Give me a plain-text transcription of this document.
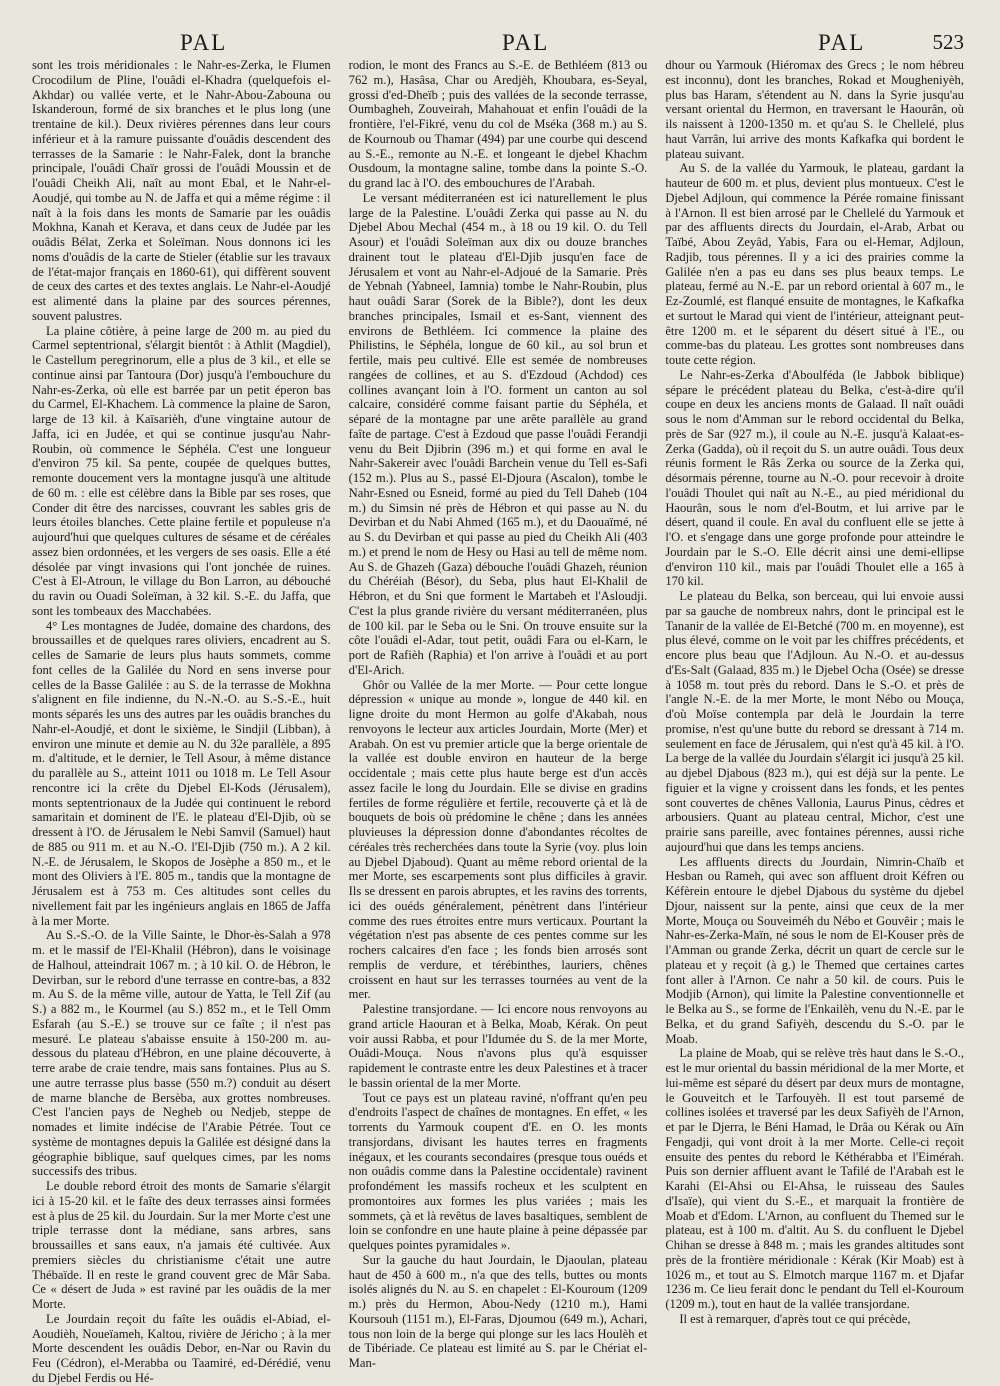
PAL	PAL	PAL	523

sont les trois méridionales : le Nahr-es-Zerka, le Flumen Crocodilum de Pline, l'ouâdi el-Khadra (quelquefois el-Akhdar) ou vallée verte, et le Nahr-Abou-Zabouna ou Iskanderoun, formé de six branches et le plus long (une trentaine de kil.). Deux rivières pérennes dans leur cours inférieur et à la ramure puissante d'ouâdis descendent des terrasses de la Samarie : le Nahr-Falek, dont la branche principale, l'ouâdi Chaïr grossi de l'ouâdi Moussin et de l'ouâdi Cheikh Ali, naît au mont Ebal, et le Nahr-el-Aoudjé, qui tombe au N. de Jaffa et qui a même régime : il naît à la fois dans les monts de Samarie par les ouâdis Mokhna, Kanah et Kerava, et dans ceux de Judée par les ouâdis Bélat, Zerka et Soleïman. Nous donnons ici les noms d'ouâdis de la carte de Stieler (établie sur les travaux de l'état-major français en 1860-61), qui diffèrent souvent de ceux des cartes et des textes anglais. Le Nahr-el-Aoudjé est alimenté dans la plaine par des sources pérennes, souvent palustres.

La plaine côtière, à peine large de 200 m. au pied du Carmel septentrional, s'élargit bientôt : à Athlit (Magdiel), le Castellum peregrinorum, elle a plus de 3 kil., et elle se continue ainsi par Tantoura (Dor) jusqu'à l'embouchure du Nahr-es-Zerka, où elle est barrée par un petit éperon bas du Carmel, El-Khachem. Là commence la plaine de Saron, large de 13 kil. à Kaïsarièh, d'une vingtaine autour de Jaffa, ici en Judée, et qui se continue jusqu'au Nahr-Roubin, où commence le Séphéla. C'est une longueur d'environ 75 kil. Sa pente, coupée de quelques buttes, remonte doucement vers la montagne jusqu'à une altitude de 60 m. : elle est célèbre dans la Bible par ses roses, que Conder dit être des narcisses, couvrant les sables gris de leurs étoiles blanches. Cette plaine fertile et populeuse n'a aujourd'hui que quelques cultures de sésame et de céréales assez bien ordonnées, et les vergers de ses oasis. Elle a été désolée par vingt invasions qui l'ont jonchée de ruines. C'est à El-Atroun, le village du Bon Larron, au débouché du ravin ou Ouadi Soleïman, à 32 kil. S.-E. du Jaffa, que sont les tombeaux des Macchabées.

4° Les montagnes de Judée, domaine des chardons, des broussailles et de quelques rares oliviers, encadrent au S. celles de Samarie de leurs plus hauts sommets, comme font celles de la Galilée du Nord en sens inverse pour celles de la Basse Galilée : au S. de la terrasse de Mokhna s'alignent en file indienne, du N.-N.-O. au S.-S.-E., huit monts séparés les uns des autres par les ouâdis branches du Nahr-el-Aoudjé, et dont le sixième, le Sindjil (Libban), à environ une minute et demie au N. du 32e parallèle, a 895 m. d'altitude, et le dernier, le Tell Asour, à même distance du parallèle au S., atteint 1011 ou 1018 m. Le Tell Asour rencontre ici la crête du Djebel El-Kods (Jérusalem), monts septentrionaux de la Judée qui continuent le rebord samaritain et dominent de l'E. le plateau d'El-Djib, où se dressent à l'O. de Jérusalem le Nebi Samvil (Samuel) haut de 885 ou 911 m. et au N.-O. l'El-Djib (750 m.). A 2 kil. N.-E. de Jérusalem, le Skopos de Josèphe a 850 m., et le mont des Oliviers à l'E. 805 m., tandis que la montagne de Jérusalem est à 753 m. Ces altitudes sont celles du nivellement fait par les ingénieurs anglais en 1865 de Jaffa à la mer Morte.

Au S.-S.-O. de la Ville Sainte, le Dhor-ès-Salah a 978 m. et le massif de l'El-Khalil (Hébron), dans le voisinage de Halhoul, atteindrait 1067 m. ; à 10 kil. O. de Hébron, le Devirban, sur le rebord d'une terrasse en contre-bas, a 832 m. Au S. de la même ville, autour de Yatta, le Tell Zif (au S.) a 882 m., le Kourmel (au S.) 852 m., et le Tell Omm Esfarah (au S.-E.) se trouve sur ce faîte ; il n'est pas mesuré. Le plateau s'abaisse ensuite à 150-200 m. au-dessous du plateau d'Hébron, en une plaine découverte, à terre arabe de craie tendre, mais sans fontaines. Plus au S. une autre terrasse plus basse (550 m.?) conduit au désert de marne blanche de Bersèba, aux grottes nombreuses. C'est l'ancien pays de Negheb ou Nedjeb, steppe de nomades et limite indécise de l'Arabie Pétrée. Tout ce système de montagnes depuis la Galilée est désigné dans la géographie biblique, sauf quelques cimes, par les noms successifs des tribus.

Le double rebord étroit des monts de Samarie s'élargit ici à 15-20 kil. et le faîte des deux terrasses ainsi formées est à plus de 25 kil. du Jourdain. Sur la mer Morte c'est une triple terrasse dont la médiane, sans arbres, sans broussailles et sans eaux, n'a jamais été cultivée. Aux premiers siècles du christianisme c'était une autre Thébaïde. Il en reste le grand couvent grec de Mâr Saba. Ce « désert de Juda » est raviné par les ouâdis de la mer Morte.

Le Jourdain reçoit du faîte les ouâdis el-Abiad, el-Aoudièh, Noueïameh, Kaltou, rivière de Jéricho ; à la mer Morte descendent les ouâdis Debor, en-Nar ou Ravin du Feu (Cédron), el-Merabba ou Taamiré, ed-Dérédié, venu du Djebel Ferdis ou Hé-

rodion, le mont des Francs au S.-E. de Bethléem (813 ou 762 m.), Hasâsa, Char ou Aredjèh, Khoubara, es-Seyal, grossi d'ed-Dheïb ; puis des vallées de la seconde terrasse, Oumbagheh, Zouveirah, Mahahouat et enfin l'ouâdi de la frontière, l'el-Fikré, venu du col de Mséka (368 m.) au S. de Kournoub ou Thamar (494) par une courbe qui descend au S.-E., remonte au N.-E. et longeant le djebel Khachm Ousdoum, la montagne saline, tombe dans la pointe S.-O. du grand lac à l'O. des embouchures de l'Arabah.

Le versant méditerranéen est ici naturellement le plus large de la Palestine. L'ouâdi Zerka qui passe au N. du Djebel Abou Mechal (454 m., à 18 ou 19 kil. O. du Tell Asour) et l'ouâdi Soleïman aux dix ou douze branches drainent tout le plateau d'El-Djib jusqu'en face de Jérusalem et vont au Nahr-el-Adjoué de la Samarie. Près de Yebnah (Yabneel, Iamnia) tombe le Nahr-Roubin, plus haut ouâdi Sarar (Sorek de la Bible?), dont les deux branches principales, Ismail et es-Sant, viennent des environs de Bethléem. Ici commence la plaine des Philistins, le Séphéla, longue de 60 kil., au sol brun et fertile, mais peu cultivé. Elle est semée de nombreuses rangées de collines, et au S. d'Ezdoud (Achdod) ces collines avançant loin à l'O. forment un canton au sol calcaire, considéré comme faisant partie du Séphéla, et séparé de la montagne par une arête parallèle au grand faîte de partage. C'est à Ezdoud que passe l'ouâdi Ferandji venu du Beit Djibrin (396 m.) et qui forme en aval le Nahr-Sakereir avec l'ouâdi Barchein venue du Tell es-Safi (152 m.). Plus au S., passé El-Djoura (Ascalon), tombe le Nahr-Esned ou Esneid, formé au pied du Tell Daheb (104 m.) du Simsin né près de Hébron et qui passe au N. du Devirban et du Nabi Ahmed (165 m.), et du Daouaïmé, né au S. du Devirban et qui passe au pied du Cheikh Ali (403 m.) et prend le nom de Hesy ou Hasi au tell de même nom. Au S. de Ghazeh (Gaza) débouche l'ouâdi Ghazeh, réunion du Chéréiah (Bésor), du Seba, plus haut El-Khalil de Hébron, et du Sni que forment le Martabeh et l'Asloudji. C'est la plus grande rivière du versant méditerranéen, plus de 100 kil. par le Seba ou le Sni. On trouve ensuite sur la côte l'ouâdi el-Adar, tout petit, ouâdi Fara ou el-Karn, le port de Rafièh (Raphia) et l'on arrive à l'ouâdi et au port d'El-Arich.

Ghôr ou Vallée de la mer Morte. — Pour cette longue dépression « unique au monde », longue de 440 kil. en ligne droite du mont Hermon au golfe d'Akabah, nous renvoyons le lecteur aux articles Jourdain, Morte (Mer) et Arabah. On est vu premier article que la berge orientale de la vallée est double environ en hauteur de la berge occidentale ; mais cette plus haute berge est d'un accès assez facile le long du Jourdain. Elle se divise en gradins fertiles de forme régulière et fertile, recouverte çà et là de bouquets de bois où prédomine le chêne ; dans les années pluvieuses la dépression donne d'abondantes récoltes de céréales très recherchées dans toute la Syrie (voy. plus loin au Djebel Djaboud). Quant au même rebord oriental de la mer Morte, ses escarpements sont plus difficiles à gravir. Ils se dressent en parois abruptes, et les ravins des torrents, ici des ouéds généralement, pénètrent dans l'intérieur comme des rues étroites entre murs verticaux. Pourtant la végétation n'est pas absente de ces pentes comme sur les rochers calcaires d'en face ; les fonds bien arrosés sont remplis de verdure, et térébinthes, lauriers, chênes croissent en haut sur les terrasses tournées au vent de la mer.

Palestine transjordane. — Ici encore nous renvoyons au grand article Haouran et à Belka, Moab, Kérak. On peut voir aussi Rabba, et pour l'Idumée du S. de la mer Morte, Ouâdi-Mouça. Nous n'avons plus qu'à esquisser rapidement le contraste entre les deux Palestines et à tracer le bassin oriental de la mer Morte.

Tout ce pays est un plateau raviné, n'offrant qu'en peu d'endroits l'aspect de chaînes de montagnes. En effet, « les torrents du Yarmouk coupent d'E. en O. les monts transjordans, divisant les hautes terres en fragments inégaux, et les courants secondaires (presque tous ouéds et non ouâdis comme dans la Palestine occidentale) ravinent profondément les massifs rocheux et les sculptent en promontoires aux formes les plus variées ; mais les sommets, çà et là revêtus de laves basaltiques, semblent de loin se confondre en une haute plaine à peine dépassée par quelques pointes pyramidales ».

Sur la gauche du haut Jourdain, le Djaoulan, plateau haut de 450 à 600 m., n'a que des tells, buttes ou monts isolés alignés du N. au S. en chapelet : El-Kouroum (1209 m.) près du Hermon, Abou-Nedy (1210 m.), Hami Koursouh (1151 m.), El-Faras, Djoumou (649 m.), Achari, tous non loin de la berge qui plonge sur les lacs Houlèh et de Tibériade. Ce plateau est limité au S. par le Chériat el-Man-

dhour ou Yarmouk (Hiéromax des Grecs ; le nom hébreu est inconnu), dont les branches, Rokad et Mougheniyèh, plus bas Haram, s'étendent au N. dans la Syrie jusqu'au versant oriental du Hermon, en traversant le Haourân, où ils naissent à 1200-1350 m. et qu'au S. le Chellelé, plus haut Varrân, lui arrive des monts Kafkafka qui bordent le plateau suivant.

Au S. de la vallée du Yarmouk, le plateau, gardant la hauteur de 600 m. et plus, devient plus montueux. C'est le Djebel Adjloun, qui commence la Pérée romaine finissant à l'Arnon. Il est bien arrosé par le Chellelé du Yarmouk et par des affluents directs du Jourdain, el-Arab, Arbat ou Taïbé, Abou Zeyâd, Yabis, Fara ou el-Hemar, Adjloun, Radjib, tous pérennes. Il y a ici des prairies comme la Galilée n'en a pas eu dans ses plus beaux temps. Le plateau, fermé au N.-E. par un rebord oriental à 607 m., le Ez-Zoumlé, est flanqué ensuite de montagnes, le Kafkafka et surtout le Marad qui vient de l'intérieur, atteignant peut-être 1200 m. et le séparent du désert situé à l'E., ou comme-bas du plateau. Les grottes sont nombreuses dans toute cette région.

Le Nahr-es-Zerka d'Aboulféda (le Jabbok biblique) sépare le précédent plateau du Belka, c'est-à-dire qu'il coupe en deux les anciens monts de Galaad. Il naît ouâdi sous le nom d'Amman sur le rebord occidental du Belka, près de Sar (927 m.), il coule au N.-E. jusqu'à Kalaat-es-Zerka (Gadda), où il reçoit du S. un autre ouâdi. Tous deux réunis forment le Râs Zerka ou source de la Zerka qui, désormais pérenne, tourne au N.-O. pour recevoir à droite l'ouâdi Thoulet qui naît au N.-E., au pied méridional du Haourân, sous le nom d'el-Boutm, et lui arrive par le désert, quand il coule. En aval du confluent elle se jette à l'O. et s'engage dans une gorge profonde pour atteindre le Jourdain par le S.-O. Elle décrit ainsi une demi-ellipse d'environ 110 kil., mais par l'ouâdi Thoulet elle a 165 à 170 kil.

Le plateau du Belka, son berceau, qui lui envoie aussi par sa gauche de nombreux nahrs, dont le principal est le Tananir de la vallée de El-Betché (700 m. en moyenne), est plus élevé, comme on le voit par les chiffres précédents, et encore plus beau que l'Adjloun. Au N.-O. et au-dessus d'Es-Salt (Galaad, 835 m.) le Djebel Ocha (Osée) se dresse à 1058 m. tout près du rebord. Dans le S.-O. et près de l'angle N.-E. de la mer Morte, le mont Nébo ou Mouça, d'où Moïse contempla par delà le Jourdain la terre promise, n'est qu'une butte du rebord se dressant à 714 m. seulement en face de Jérusalem, qui n'est qu'à 45 kil. à l'O. La berge de la vallée du Jourdain s'élargit ici jusqu'à 25 kil. au djebel Djabous (823 m.), qui est déjà sur la pente. Le figuier et la vigne y croissent dans les fonds, et les pentes sont couvertes de chênes Vallonia, Laurus Pinus, cèdres et arbousiers. Quant au plateau central, Michor, c'est une prairie sans pareille, avec fontaines pérennes, aussi riche aujourd'hui que dans les temps anciens.

Les affluents directs du Jourdain, Nimrin-Chaïb et Hesban ou Rameh, qui avec son affluent droit Kéfren ou Kéfèrein entoure le djebel Djabous du système du djebel Djour, naissent sur la pente, ainsi que ceux de la mer Morte, Mouça ou Souveiméh du Nébo et Gouvêir ; mais le Nahr-es-Zerka-Maïn, né sous le nom de El-Kouser près de l'Amman ou grande Zerka, décrit un quart de cercle sur le plateau et y reçoit (à g.) le Themed que certaines cartes font aller à l'Arnon. Ce nahr a 50 kil. de cours. Puis le Modjib (Arnon), qui limite la Palestine conventionnelle et le Belka au S., se forme de l'Enkailèh, venu du N.-E. par le Belka, et du grand Safiyèh, descendu du S.-O. par le Moab.

La plaine de Moab, qui se relève très haut dans le S.-O., est le mur oriental du bassin méridional de la mer Morte, et lui-même est séparé du désert par deux murs de montagne, le Gouveitch et le Tarfouyèh. Il est tout parsemé de collines isolées et traversé par les deux Safiyèh de l'Arnon, et par le Djerra, le Béni Hamad, le Drâa ou Kérak ou Aïn Fengadji, qui vont droit à la mer Morte. Celle-ci reçoit ensuite des pentes du rebord le Kéthérabba et l'Eimérah. Puis son dernier affluent avant le Tafilé de l'Arabah est le Karahi (El-Ahsi ou El-Ahsa, le ruisseau des Saules d'Isaïe), qui vient du S.-E., et marquait la frontière de Moab et d'Edom. L'Arnon, au confluent du Themed sur le plateau, est à 100 m. d'altit. Au S. du confluent le Djebel Chihan se dresse à 848 m. ; mais les grandes altitudes sont près de la frontière méridionale : Kérak (Kir Moab) est à 1026 m., et tout au S. Elmotch marque 1167 m. et Djafar 1236 m. Ce lieu ferait donc le pendant du Tell el-Kouroum (1209 m.), tout en haut de la vallée transjordane.

Il est à remarquer, d'après tout ce qui précède,
